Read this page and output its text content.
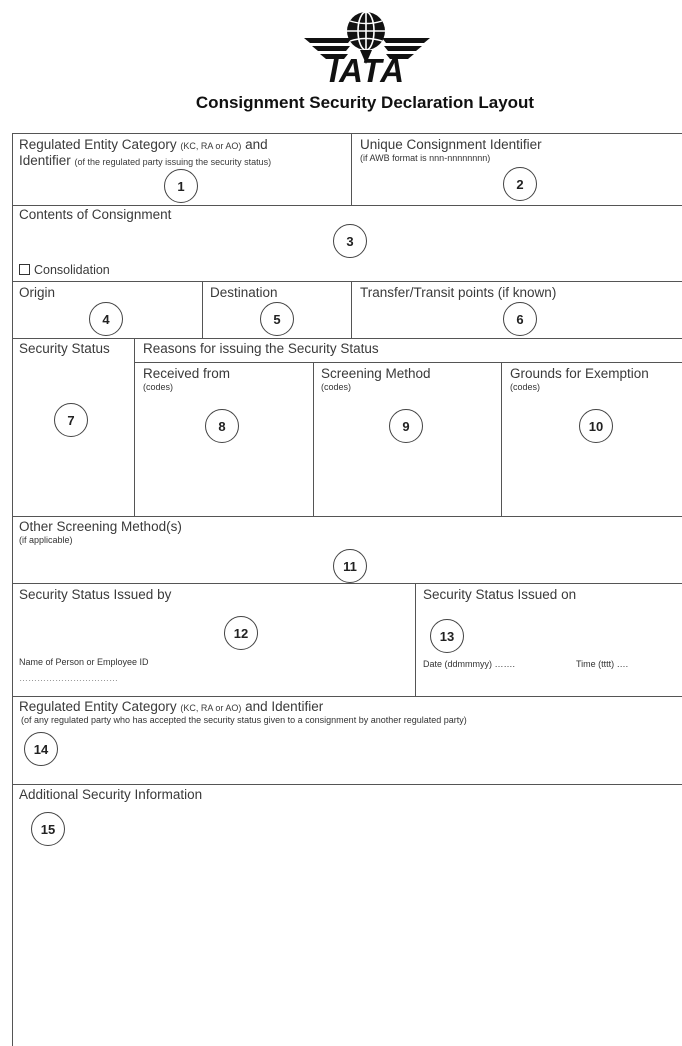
IATA
Consignment Security Declaration Layout
Regulated Entity Category (KC, RA or AO) and
Identifier (of the regulated party issuing the security status)
1
Unique Consignment Identifier
(if AWB format is nnn-nnnnnnnn)
2
Contents of Consignment
3
Consolidation
Origin
4
Destination
5
Transfer/Transit points (if known)
6
Security Status
7
Reasons for issuing the Security Status
Received from
(codes)
8
Screening Method
(codes)
9
Grounds for Exemption
(codes)
10
Other Screening Method(s)
(if applicable)
11
Security Status Issued by
12
Name of Person or Employee ID
……………………………
Security Status Issued on
13
Date (ddmmmyy) …….	Time (tttt) ….
Regulated Entity Category (KC, RA or AO) and Identifier
(of any regulated party who has accepted the security status given to a consignment by another regulated party)
14
Additional Security Information
15
